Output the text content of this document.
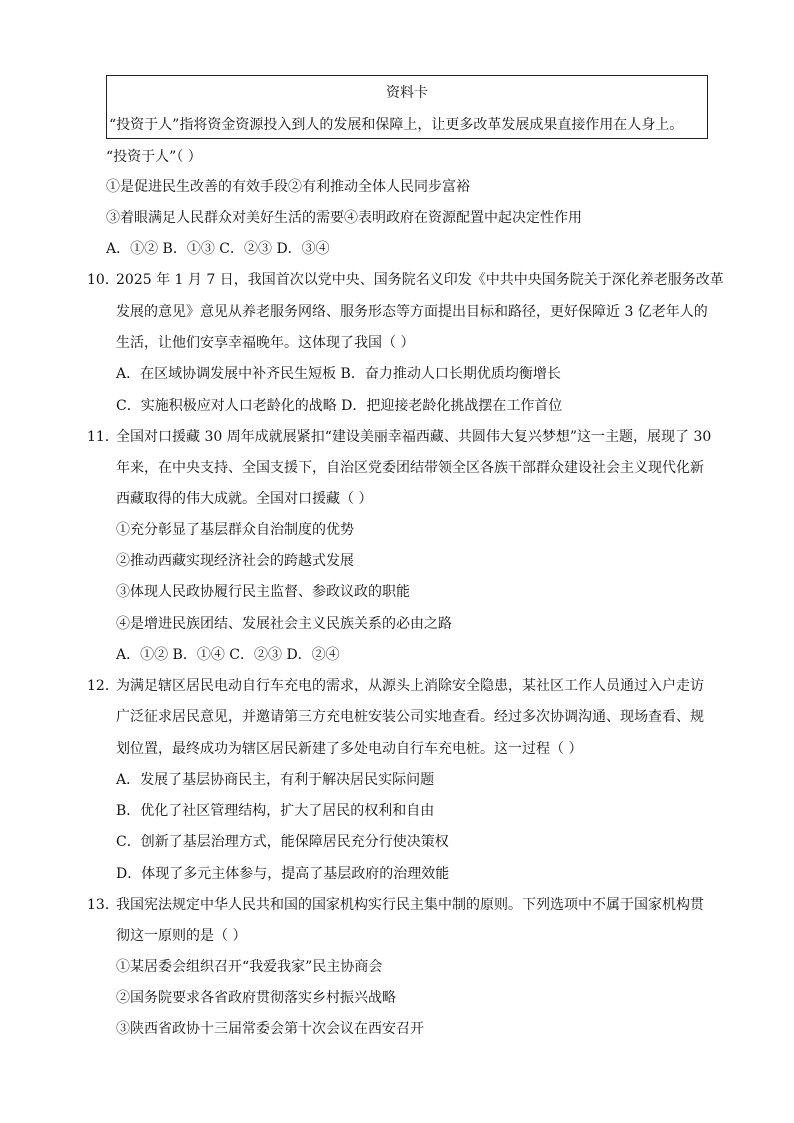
资料卡
“投资于人”指将资金资源投入到人的发展和保障上，让更多改革发展成果直接作用在人身上。
“投资于人”（ ）
①是促进民生改善的有效手段②有利推动全体人民同步富裕
③着眼满足人民群众对美好生活的需要④表明政府在资源配置中起决定性作用
A．①② B．①③ C．②③ D．③④
10．
2025 年 1 月 7 日，我国首次以党中央、国务院名义印发《中共中央国务院关于深化养老服务改革
发展的意见》意见从养老服务网络、服务形态等方面提出目标和路径，更好保障近 3 亿老年人的
生活，让他们安享幸福晚年。这体现了我国（ ）
A．在区域协调发展中补齐民生短板 B．奋力推动人口长期优质均衡增长
C．实施积极应对人口老龄化的战略 D．把迎接老龄化挑战摆在工作首位
11．
全国对口援藏 30 周年成就展紧扣“建设美丽幸福西藏、共圆伟大复兴梦想”这一主题，展现了 30
年来，在中央支持、全国支援下，自治区党委团结带领全区各族干部群众建设社会主义现代化新
西藏取得的伟大成就。全国对口援藏（ ）
①充分彰显了基层群众自治制度的优势
②推动西藏实现经济社会的跨越式发展
③体现人民政协履行民主监督、参政议政的职能
④是增进民族团结、发展社会主义民族关系的必由之路
A．①② B．①④ C．②③ D．②④
12．
为满足辖区居民电动自行车充电的需求，从源头上消除安全隐患，某社区工作人员通过入户走访
广泛征求居民意见，并邀请第三方充电桩安装公司实地查看。经过多次协调沟通、现场查看、规
划位置，最终成功为辖区居民新建了多处电动自行车充电桩。这一过程（ ）
A．发展了基层协商民主，有利于解决居民实际问题
B．优化了社区管理结构，扩大了居民的权利和自由
C．创新了基层治理方式，能保障居民充分行使决策权
D．体现了多元主体参与，提高了基层政府的治理效能
13．
我国宪法规定中华人民共和国的国家机构实行民主集中制的原则。下列选项中不属于国家机构贯
彻这一原则的是（ ）
①某居委会组织召开“我爱我家”民主协商会
②国务院要求各省政府贯彻落实乡村振兴战略
③陕西省政协十三届常委会第十次会议在西安召开
